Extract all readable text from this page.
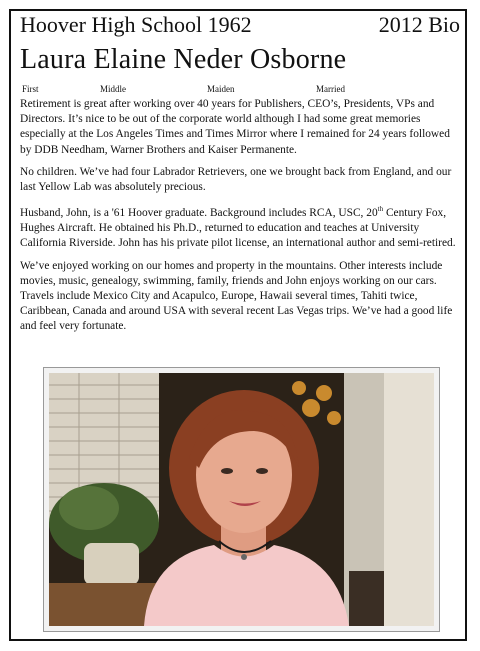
Hoover High School 1962	2012 Bio
Laura Elaine Neder Osborne
First	Middle	Maiden	Married

Retirement is great after working over 40 years for Publishers, CEO’s, Presidents, VPs and Directors. It’s nice to be out of the corporate world although I had some great memories especially at the Los Angeles Times and Times Mirror where I remained for 24 years followed by DDB Needham, Warner Brothers and Kaiser Permanente.

No children. We’ve had four Labrador Retrievers, one we brought back from England, and our last Yellow Lab was absolutely precious.

Husband, John, is a '61 Hoover graduate. Background includes RCA, USC, 20th Century Fox, Hughes Aircraft. He obtained his Ph.D., returned to education and teaches at University California Riverside. John has his private pilot license, an international author and semi-retired.

We’ve enjoyed working on our homes and property in the mountains. Other interests include movies, music, genealogy, swimming, family, friends and John enjoys working on our cars. Travels include Mexico City and Acapulco, Europe, Hawaii several times, Tahiti twice, Caribbean, Canada and around USA with several recent Las Vegas trips. We’ve had a good life and feel very fortunate.
